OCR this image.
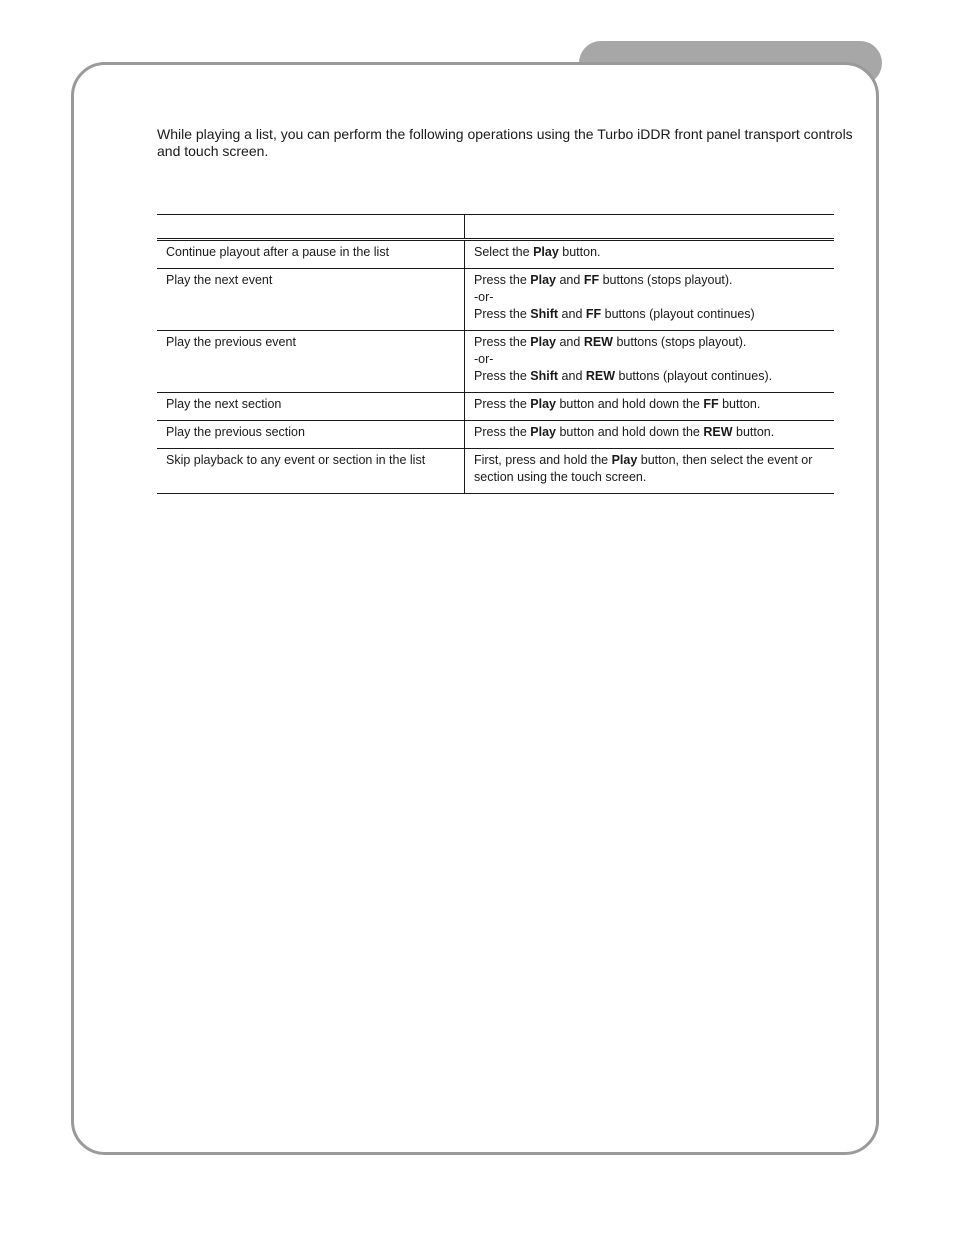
While playing a list, you can perform the following operations using the Turbo iDDR front panel transport controls and touch screen.

Continue playout after a pause in the list	Select the Play button.

Play the next event	Press the Play and FF buttons (stops playout).
-or-
Press the Shift and FF buttons (playout continues)

Play the previous event	Press the Play and REW buttons (stops playout).
-or-
Press the Shift and REW buttons (playout continues).

Play the next section	Press the Play button and hold down the FF button.

Play the previous section	Press the Play button and hold down the REW button.

Skip playback to any event or section in the list	First, press and hold the Play button, then select the event or
section using the touch screen.
